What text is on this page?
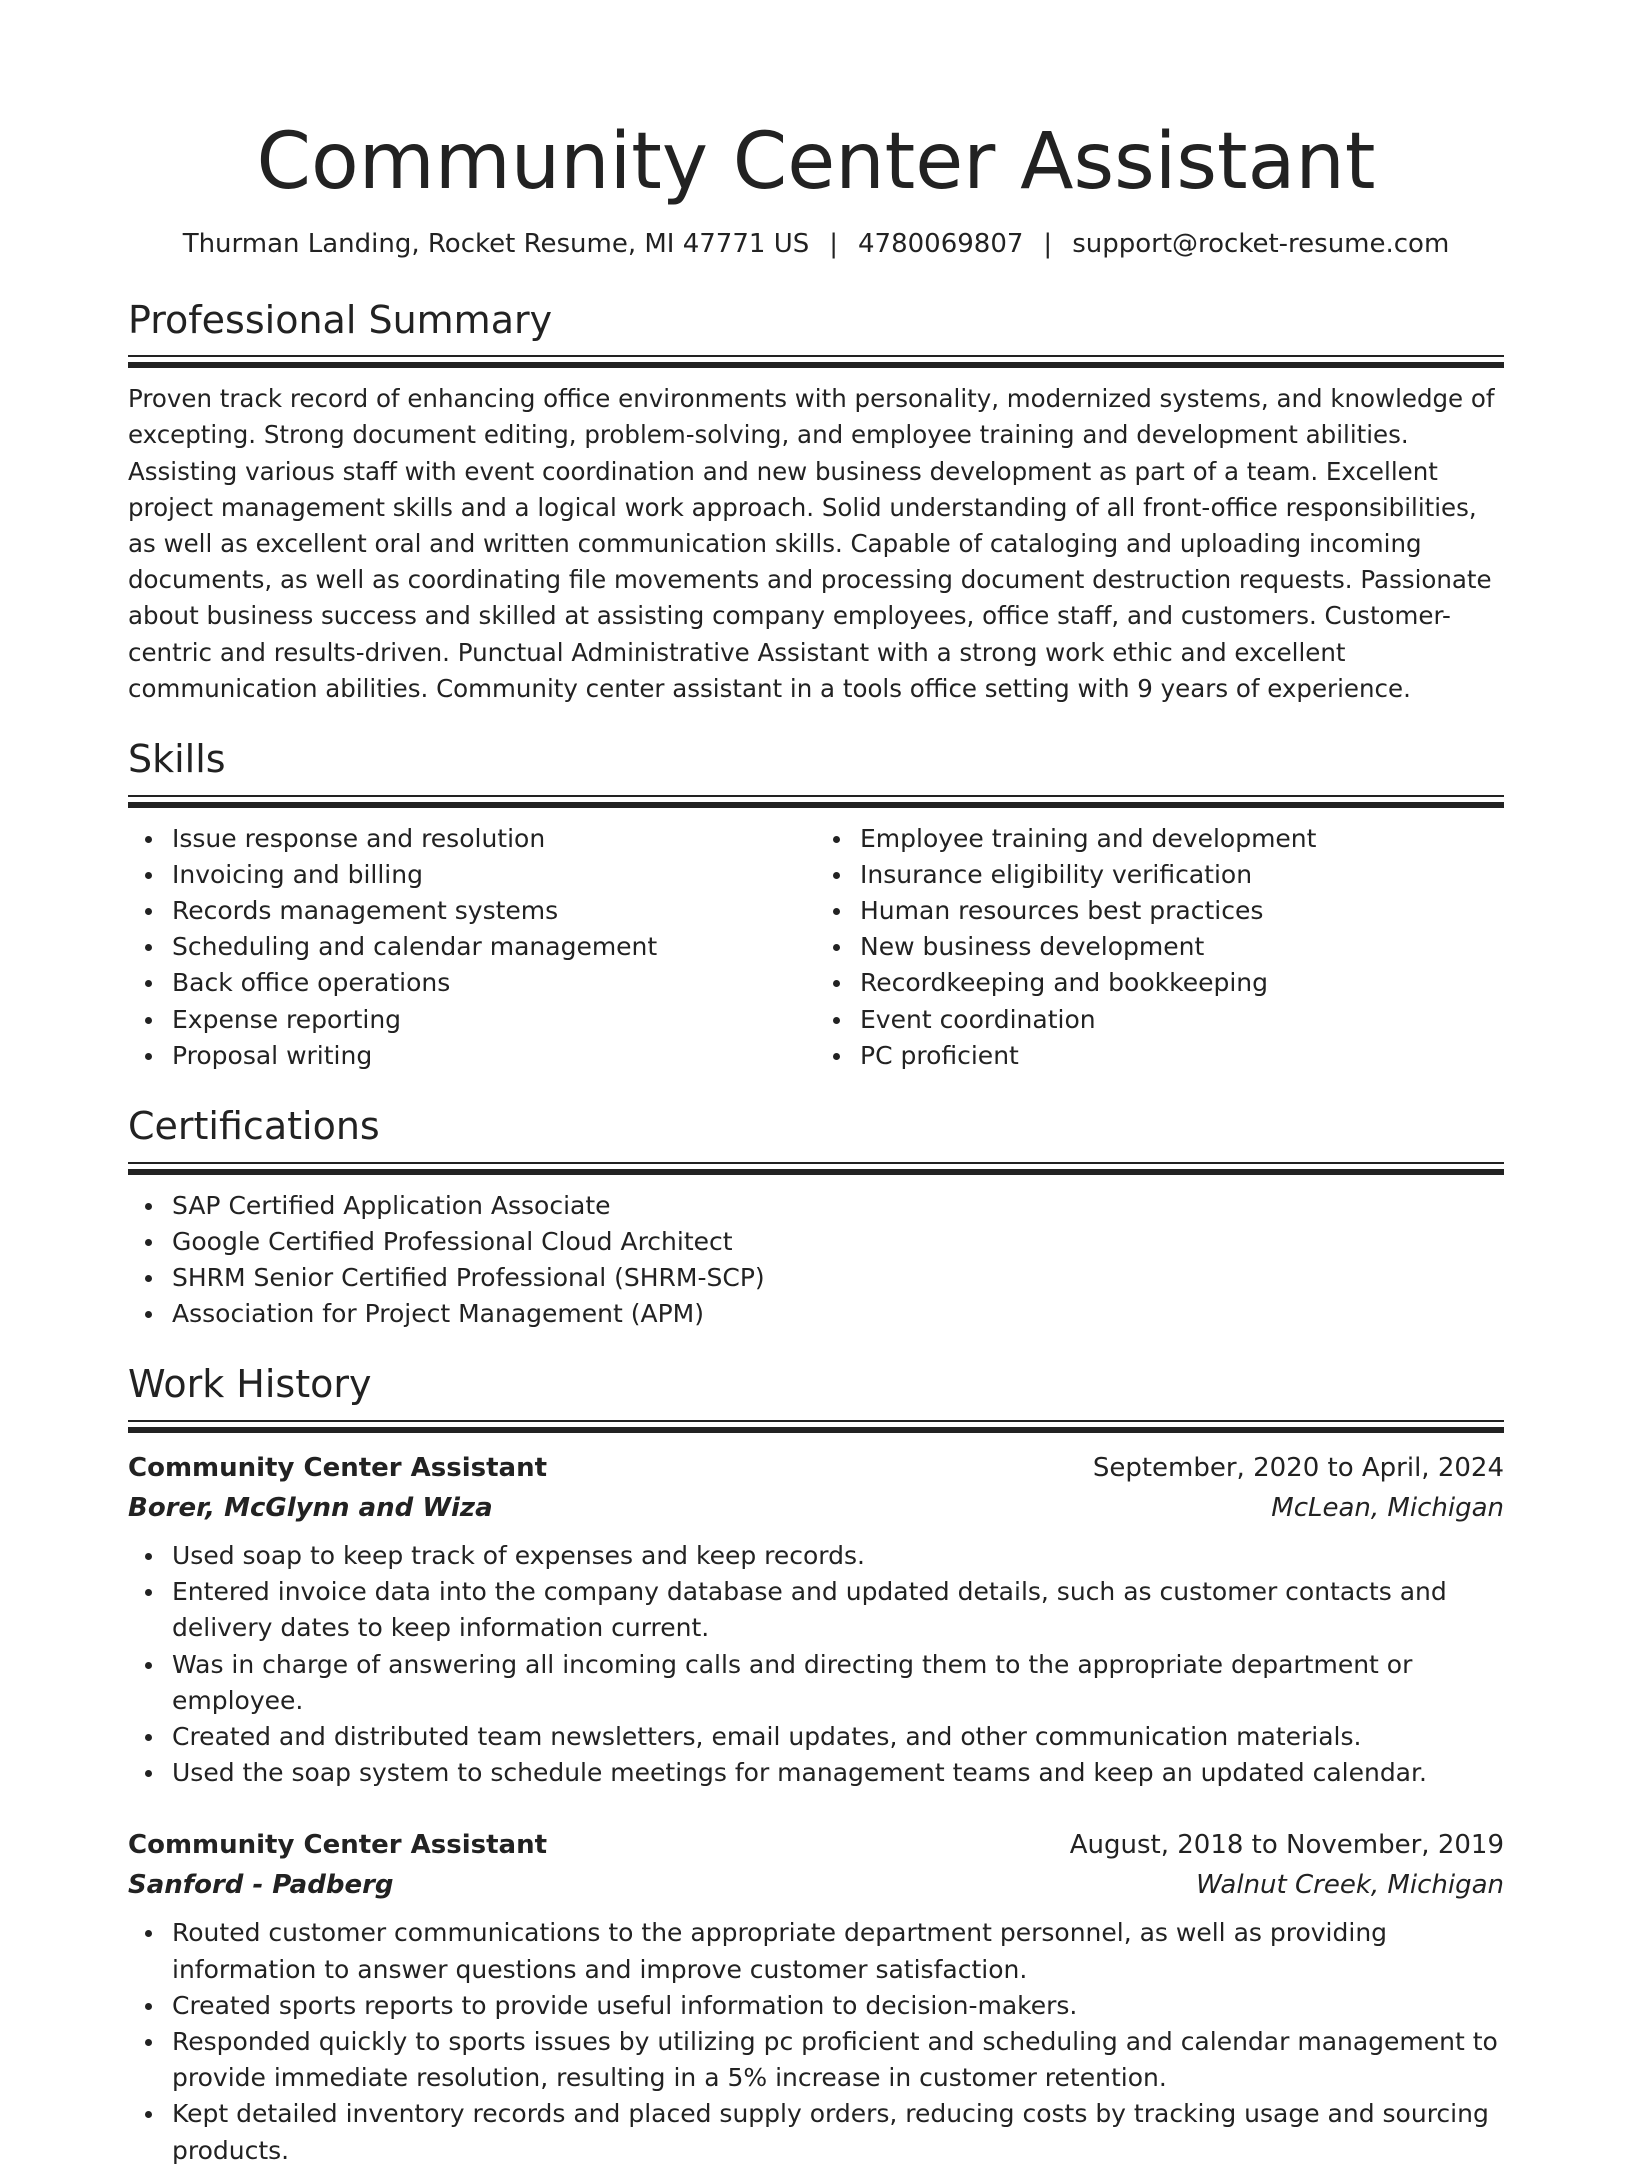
Community Center Assistant
Thurman Landing, Rocket Resume, MI 47771 US | 4780069807 | support@rocket-resume.com
Professional Summary

Proven track record of enhancing office environments with personality, modernized systems, and knowledge of excepting. Strong document editing, problem-solving, and employee training and development abilities. Assisting various staff with event coordination and new business development as part of a team. Excellent project management skills and a logical work approach. Solid understanding of all front-office responsibilities, as well as excellent oral and written communication skills. Capable of cataloging and uploading incoming documents, as well as coordinating file movements and processing document destruction requests. Passionate about business success and skilled at assisting company employees, office staff, and customers. Customer-centric and results-driven. Punctual Administrative Assistant with a strong work ethic and excellent communication abilities. Community center assistant in a tools office setting with 9 years of experience.

Skills
Issue response and resolution
Invoicing and billing
Records management systems
Scheduling and calendar management
Back office operations
Expense reporting
Proposal writing
Employee training and development
Insurance eligibility verification
Human resources best practices
New business development
Recordkeeping and bookkeeping
Event coordination
PC proficient
Certifications
SAP Certified Application Associate
Google Certified Professional Cloud Architect
SHRM Senior Certified Professional (SHRM-SCP)
Association for Project Management (APM)
Work History
Community Center Assistant	September, 2020 to April, 2024
Borer, McGlynn and Wiza	McLean, Michigan
Used soap to keep track of expenses and keep records.
Entered invoice data into the company database and updated details, such as customer contacts and delivery dates to keep information current.
Was in charge of answering all incoming calls and directing them to the appropriate department or employee.
Created and distributed team newsletters, email updates, and other communication materials.
Used the soap system to schedule meetings for management teams and keep an updated calendar.
Community Center Assistant	August, 2018 to November, 2019
Sanford - Padberg	Walnut Creek, Michigan
Routed customer communications to the appropriate department personnel, as well as providing information to answer questions and improve customer satisfaction.
Created sports reports to provide useful information to decision-makers.
Responded quickly to sports issues by utilizing pc proficient and scheduling and calendar management to provide immediate resolution, resulting in a 5% increase in customer retention.
Kept detailed inventory records and placed supply orders, reducing costs by tracking usage and sourcing products.
